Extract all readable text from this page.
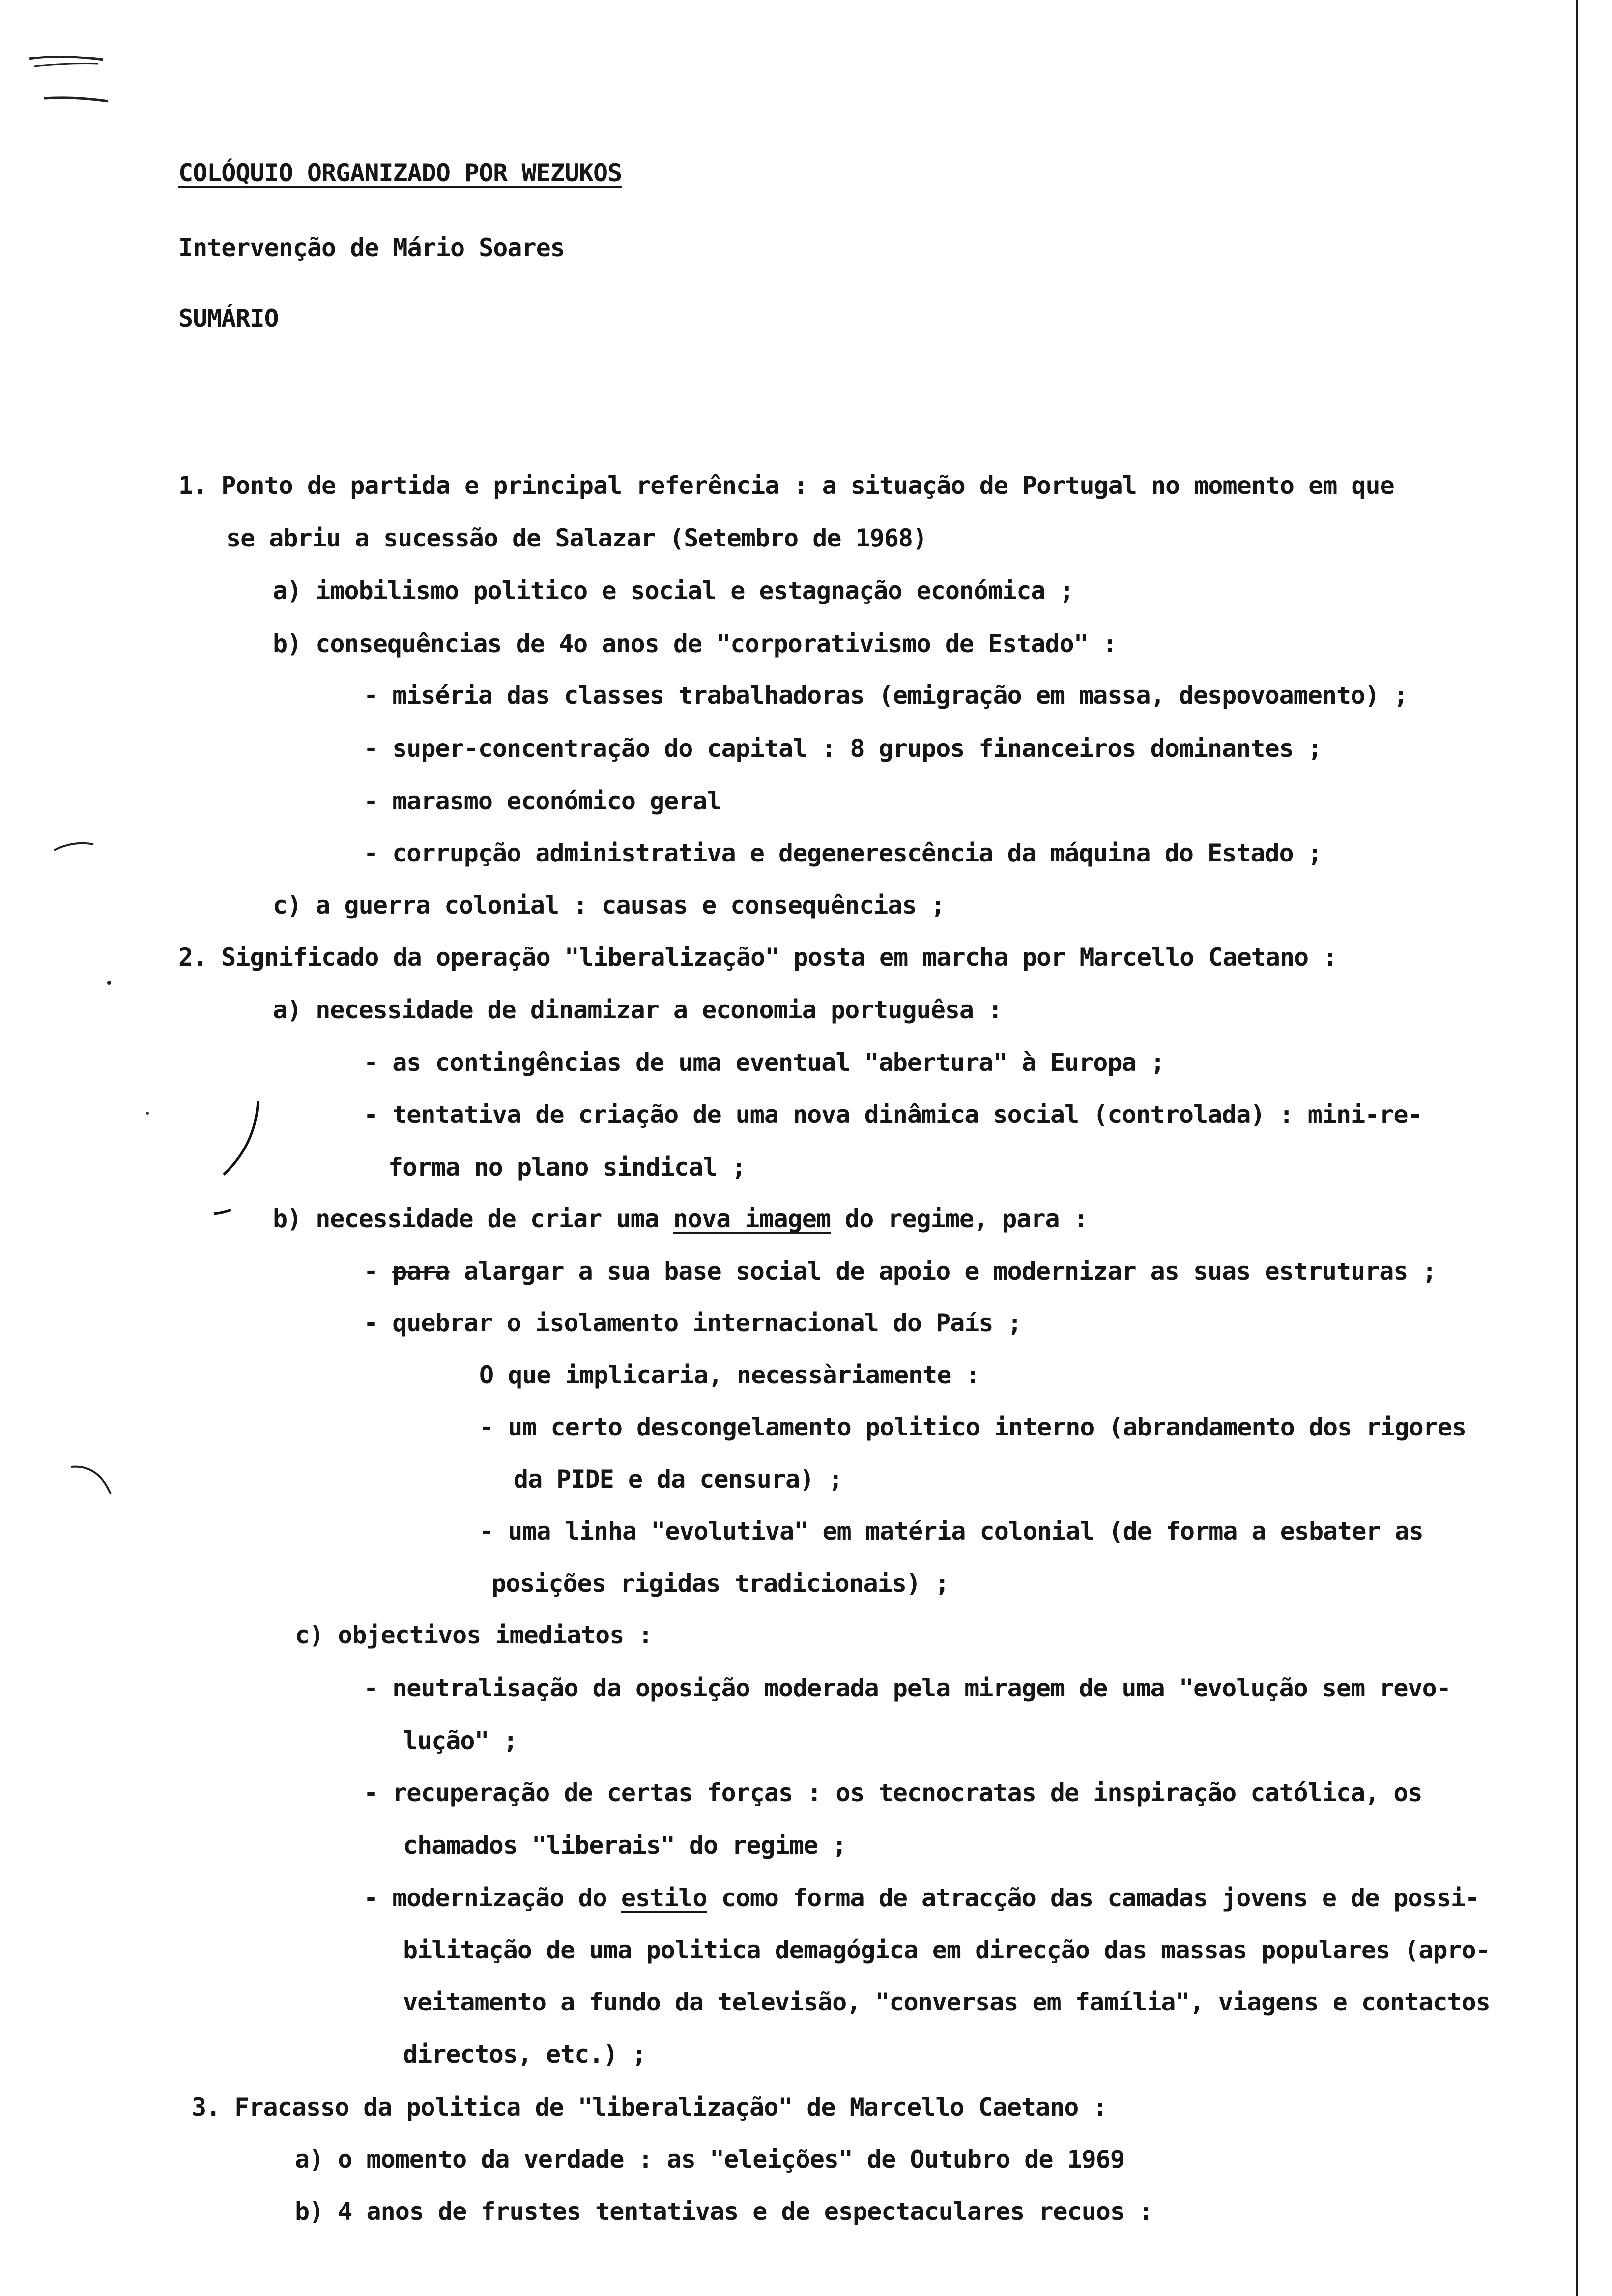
COLÓQUIO ORGANIZADO POR WEZUKOS
Intervenção de Mário Soares
SUMÁRIO
1. Ponto de partida e principal referência : a situação de Portugal no momento em que
se abriu a sucessão de Salazar (Setembro de 1968)
a) imobilismo politico e social e estagnação económica ;
b) consequências de 4o anos de "corporativismo de Estado" :
- miséria das classes trabalhadoras (emigração em massa, despovoamento) ;
- super-concentração do capital : 8 grupos financeiros dominantes ;
- marasmo económico geral
- corrupção administrativa e degenerescência da máquina do Estado ;
c) a guerra colonial : causas e consequências ;
2. Significado da operação "liberalização" posta em marcha por Marcello Caetano :
a) necessidade de dinamizar a economia portuguêsa :
- as contingências de uma eventual "abertura" à Europa ;
- tentativa de criação de uma nova dinâmica social (controlada) : mini-re-
forma no plano sindical ;
b) necessidade de criar uma nova imagem do regime, para :
- para alargar a sua base social de apoio e modernizar as suas estruturas ;
- quebrar o isolamento internacional do País ;
O que implicaria, necessàriamente :
- um certo descongelamento politico interno (abrandamento dos rigores
da PIDE e da censura) ;
- uma linha "evolutiva" em matéria colonial (de forma a esbater as
posições rigidas tradicionais) ;
c) objectivos imediatos :
- neutralisação da oposição moderada pela miragem de uma "evolução sem revo-
lução" ;
- recuperação de certas forças : os tecnocratas de inspiração católica, os
chamados "liberais" do regime ;
- modernização do estilo como forma de atracção das camadas jovens e de possi-
bilitação de uma politica demagógica em direcção das massas populares (apro-
veitamento a fundo da televisão, "conversas em família", viagens e contactos
directos, etc.) ;
3. Fracasso da politica de "liberalização" de Marcello Caetano :
a) o momento da verdade : as "eleições" de Outubro de 1969
b) 4 anos de frustes tentativas e de espectaculares recuos :
